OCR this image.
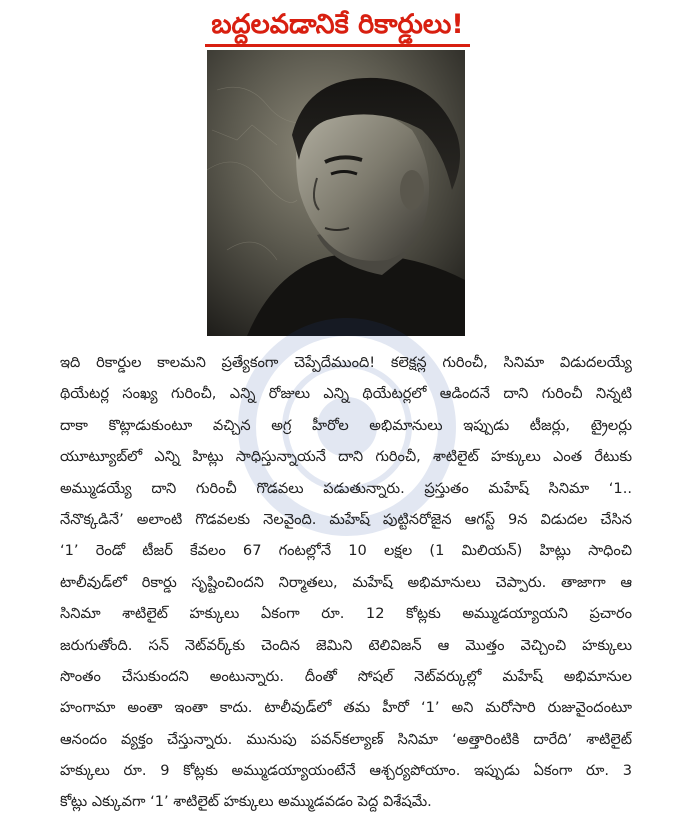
బద్దలవడానికే రికార్డులు!
ఇది రికార్డుల కాలమని ప్రత్యేకంగా చెప్పేదేముంది! కలెక్షన్ల గురించీ, సినిమా విడుదలయ్యే
థియేటర్ల సంఖ్య గురించీ, ఎన్ని రోజులు ఎన్ని థియేటర్లలో ఆడిందనే దాని గురించీ నిన్నటి
దాకా కొట్లాడుకుంటూ వచ్చిన అగ్ర హీరోల అభిమానులు ఇప్పుడు టీజర్లు, ట్రైలర్లు
యూట్యూబ్‌లో ఎన్ని హిట్లు సాధిస్తున్నాయనే దాని గురించీ, శాటిలైట్ హక్కులు ఎంత రేటుకు
అమ్ముడయ్యే దాని గురించీ గొడవలు పడుతున్నారు. ప్రస్తుతం మహేష్ సినిమా ‘1..
నేనొక్కడినే’ అలాంటి గొడవలకు నెలవైంది. మహేష్ పుట్టినరోజైన ఆగస్ట్ 9న విడుదల చేసిన
‘1’ రెండో టీజర్ కేవలం 67 గంటల్లోనే 10 లక్షల (1 మిలియన్) హిట్లు సాధించి
టాలీవుడ్‌లో రికార్డు సృష్టించిందని నిర్మాతలు, మహేష్ అభిమానులు చెప్పారు. తాజాగా ఆ
సినిమా శాటిలైట్ హక్కులు ఏకంగా రూ. 12 కోట్లకు అమ్ముడయ్యాయని ప్రచారం
జరుగుతోంది. సన్ నెట్‌వర్క్‌కు చెందిన జెమిని టెలివిజన్ ఆ మొత్తం వెచ్చించి హక్కులు
సొంతం చేసుకుందని అంటున్నారు. దీంతో సోషల్ నెట్‌వర్కుల్లో మహేష్ అభిమానుల
హంగామా అంతా ఇంతా కాదు. టాలీవుడ్‌లో తమ హీరో ‘1’ అని మరోసారి రుజువైందంటూ
ఆనందం వ్యక్తం చేస్తున్నారు. మునుపు పవన్‌కల్యాణ్ సినిమా ‘అత్తారింటికి దారేది’ శాటిలైట్
హక్కులు రూ. 9 కోట్లకు అమ్ముడయ్యాయంటేనే ఆశ్చర్యపోయాం. ఇప్పుడు ఏకంగా రూ. 3
కోట్లు ఎక్కువగా ‘1’ శాటిలైట్ హక్కులు అమ్ముడవడం పెద్ద విశేషమే.
